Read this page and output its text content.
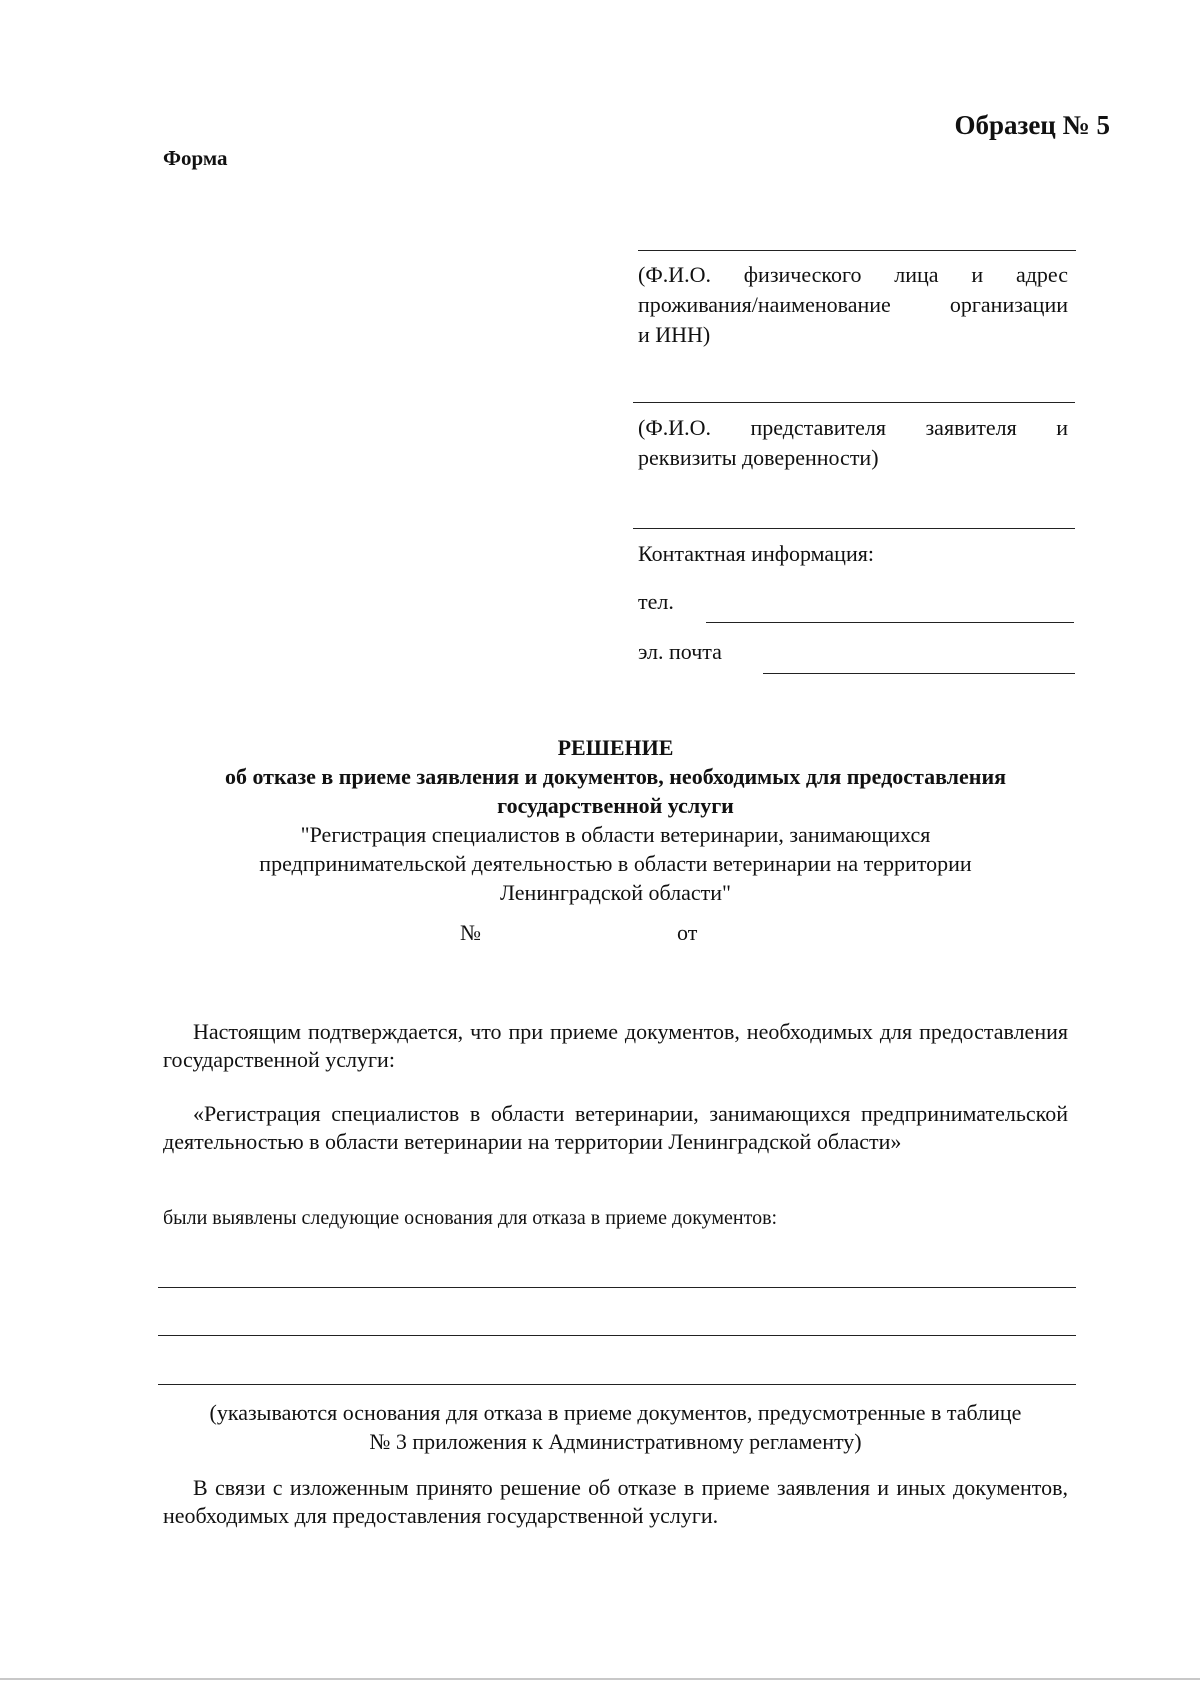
Образец № 5
Форма
(Ф.И.О. физического лица и адрес
проживания/наименование организации
и ИНН)
(Ф.И.О. представителя заявителя и
реквизиты доверенности)
Контактная информация:
тел.
эл. почта
РЕШЕНИЕ
об отказе в приеме заявления и документов, необходимых для предоставления
государственной услуги
"Регистрация специалистов в области ветеринарии, занимающихся
предпринимательской деятельностью в области ветеринарии на территории
Ленинградской области"
№	от
Настоящим подтверждается, что при приеме документов, необходимых для предоставления государственной услуги:
«Регистрация специалистов в области ветеринарии, занимающихся предпринимательской деятельностью в области ветеринарии на территории Ленинградской области»
были выявлены следующие основания для отказа в приеме документов:
(указываются основания для отказа в приеме документов, предусмотренные в таблице
№ 3 приложения к Административному регламенту)
В связи с изложенным принято решение об отказе в приеме заявления и иных документов, необходимых для предоставления государственной услуги.
